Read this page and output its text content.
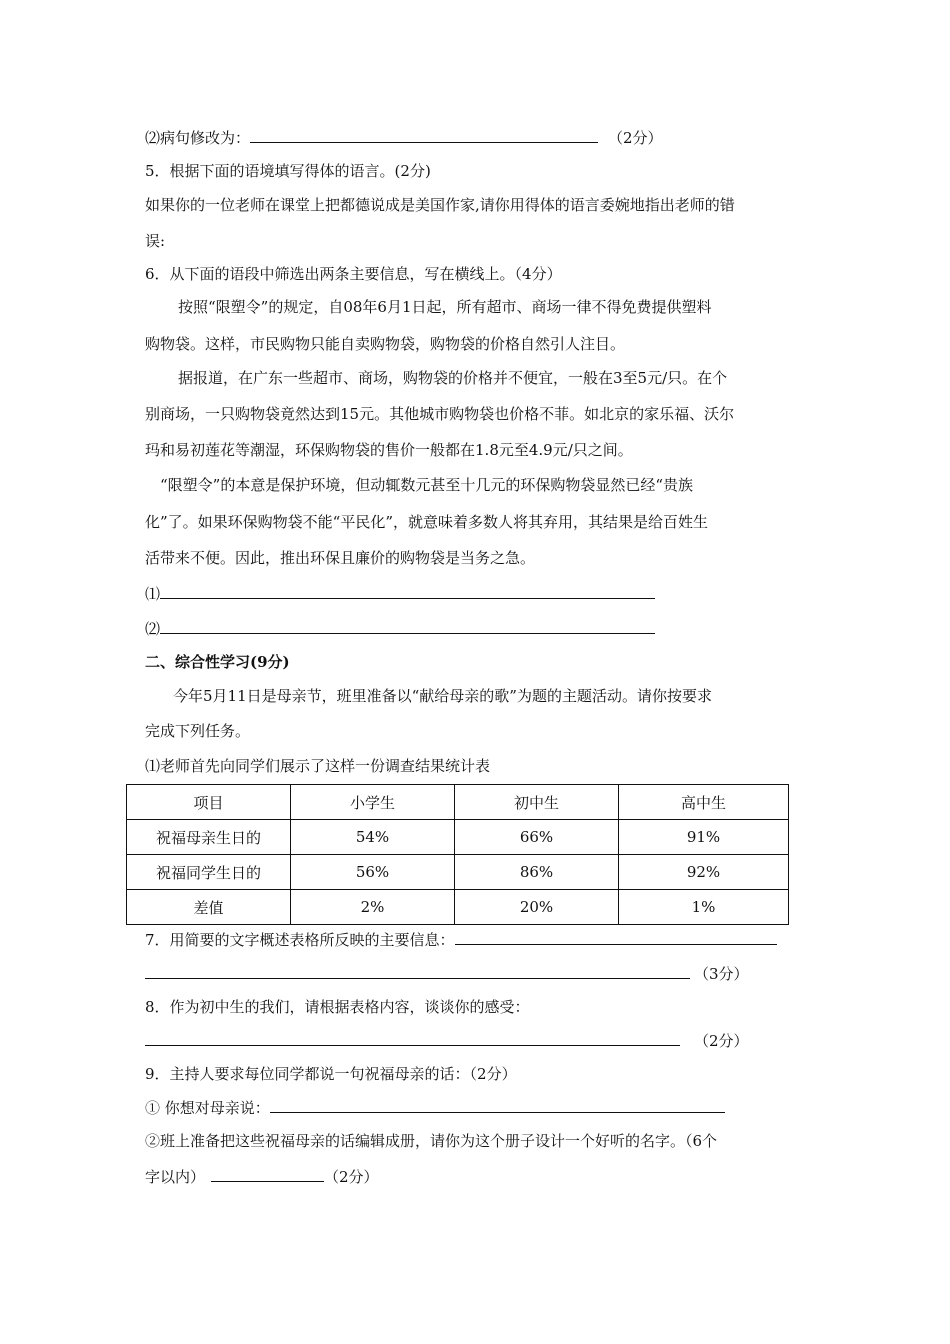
⑵病句修改为：	（2分）
5．根据下面的语境填写得体的语言。(2分)
如果你的一位老师在课堂上把都德说成是美国作家,请你用得体的语言委婉地指出老师的错
误:
6．从下面的语段中筛选出两条主要信息，写在横线上。（4分）
按照“限塑令”的规定，自08年6月1日起，所有超市、商场一律不得免费提供塑料
购物袋。这样，市民购物只能自卖购物袋，购物袋的价格自然引人注目。
据报道，在广东一些超市、商场，购物袋的价格并不便宜，一般在3至5元/只。在个
别商场，一只购物袋竟然达到15元。其他城市购物袋也价格不菲。如北京的家乐福、沃尔
玛和易初莲花等潮湿，环保购物袋的售价一般都在1.8元至4.9元/只之间。
“限塑令”的本意是保护环境，但动辄数元甚至十几元的环保购物袋显然已经“贵族
化”了。如果环保购物袋不能“平民化”，就意味着多数人将其弃用，其结果是给百姓生
活带来不便。因此，推出环保且廉价的购物袋是当务之急。
⑴
⑵
二、综合性学习(9分)
今年5月11日是母亲节，班里准备以“献给母亲的歌”为题的主题活动。请你按要求
完成下列任务。
⑴老师首先向同学们展示了这样一份调查结果统计表
项目	小学生	初中生	高中生
祝福母亲生日的	54%	66%	91%
祝福同学生日的	56%	86%	92%
差值	2%	20%	1%
7．用简要的文字概述表格所反映的主要信息：
（3分）
8．作为初中生的我们，请根据表格内容，谈谈你的感受：
（2分）
9．主持人要求每位同学都说一句祝福母亲的话：（2分）
① 你想对母亲说：
②班上准备把这些祝福母亲的话编辑成册，请你为这个册子设计一个好听的名字。（6个
字以内）	（2分）
